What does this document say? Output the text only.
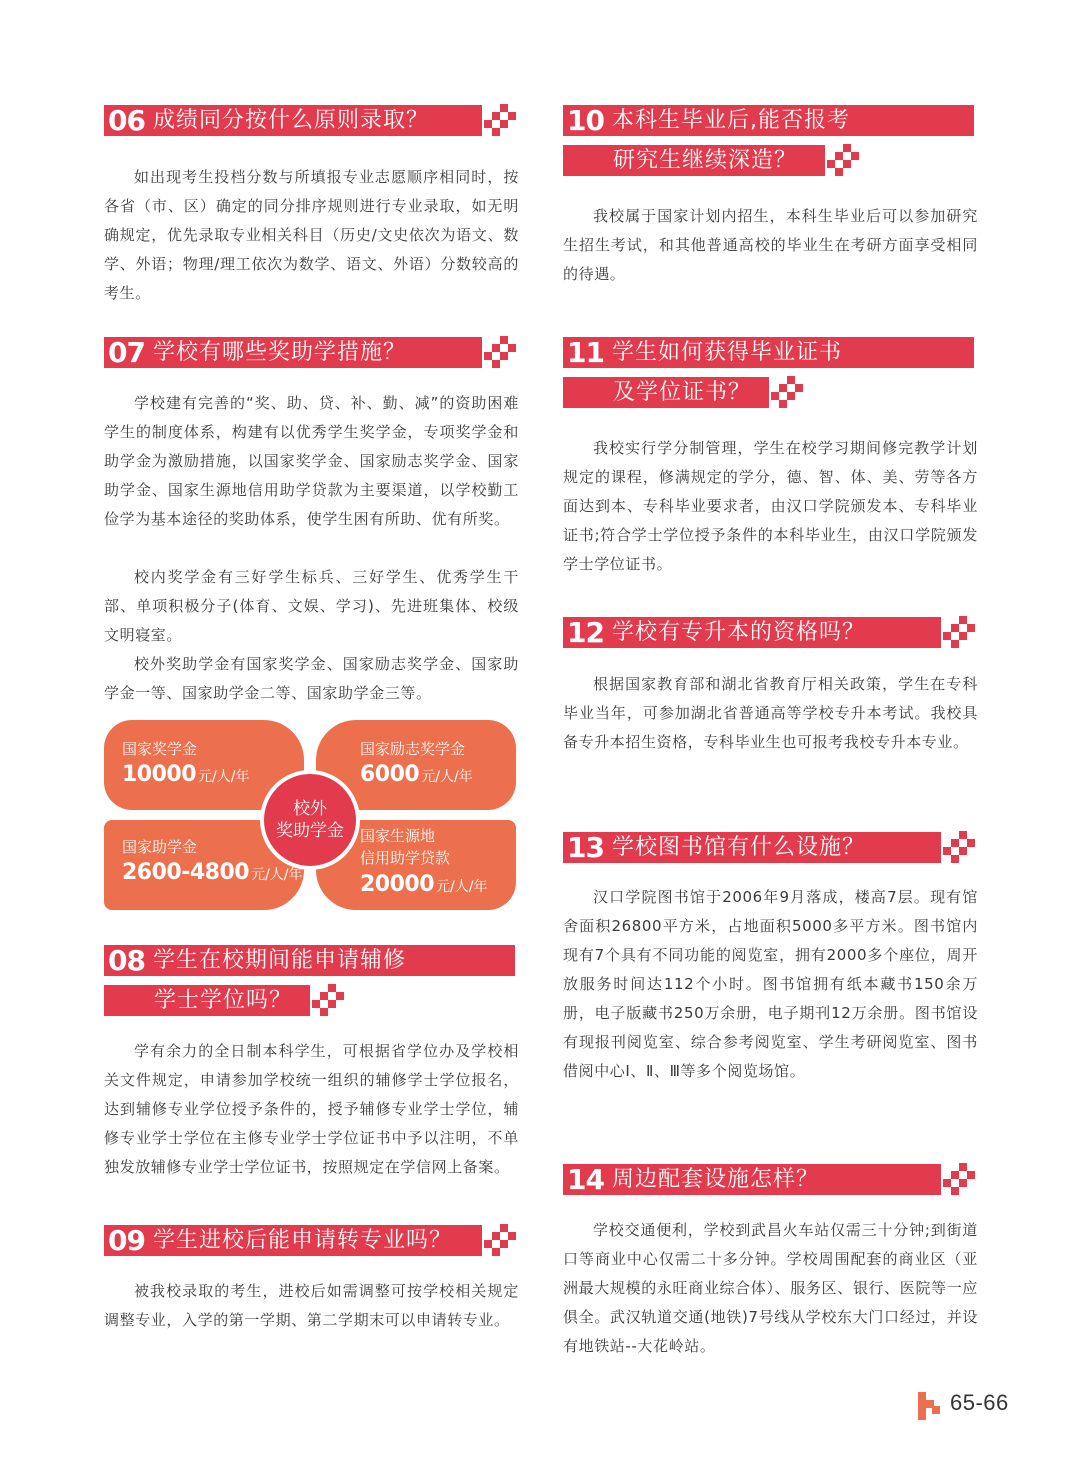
06 成绩同分按什么原则录取？

如出现考生投档分数与所填报专业志愿顺序相同时，按各省（市、区）确定的同分排序规则进行专业录取，如无明确规定，优先录取专业相关科目（历史/文史依次为语文、数学、外语；物理/理工依次为数学、语文、外语）分数较高的考生。

07 学校有哪些奖助学措施？

学校建有完善的“奖、助、贷、补、勤、减”的资助困难学生的制度体系，构建有以优秀学生奖学金，专项奖学金和助学金为激励措施，以国家奖学金、国家励志奖学金、国家助学金、国家生源地信用助学贷款为主要渠道，以学校勤工俭学为基本途径的奖助体系，使学生困有所助、优有所奖。

校内奖学金有三好学生标兵、三好学生、优秀学生干部、单项积极分子(体育、文娱、学习)、先进班集体、校级文明寝室。

校外奖助学金有国家奖学金、国家励志奖学金、国家助学金一等、国家助学金二等、国家助学金三等。

国家奖学金
10000 元/人/年
国家励志奖学金
6000 元/人/年
国家助学金
2600-4800 元/人/年
国家生源地
信用助学贷款
20000 元/人/年
校外
奖助学金
08 学生在校期间能申请辅修
学士学位吗？

学有余力的全日制本科学生，可根据省学位办及学校相关文件规定，申请参加学校统一组织的辅修学士学位报名，达到辅修专业学位授予条件的，授予辅修专业学士学位，辅修专业学士学位在主修专业学士学位证书中予以注明，不单独发放辅修专业学士学位证书，按照规定在学信网上备案。

09 学生进校后能申请转专业吗？

被我校录取的考生，进校后如需调整可按学校相关规定调整专业，入学的第一学期、第二学期末可以申请转专业。

10 本科生毕业后,能否报考
研究生继续深造？

我校属于国家计划内招生，本科生毕业后可以参加研究生招生考试，和其他普通高校的毕业生在考研方面享受相同的待遇。

11 学生如何获得毕业证书
及学位证书？

我校实行学分制管理，学生在校学习期间修完教学计划规定的课程，修满规定的学分，德、智、体、美、劳等各方面达到本、专科毕业要求者，由汉口学院颁发本、专科毕业证书;符合学士学位授予条件的本科毕业生，由汉口学院颁发学士学位证书。

12 学校有专升本的资格吗？

根据国家教育部和湖北省教育厅相关政策，学生在专科毕业当年，可参加湖北省普通高等学校专升本考试。我校具备专升本招生资格，专科毕业生也可报考我校专升本专业。

13 学校图书馆有什么设施？

汉口学院图书馆于2006年9月落成，楼高7层。现有馆舍面积26800平方米，占地面积5000多平方米。图书馆内现有7个具有不同功能的阅览室，拥有2000多个座位，周开放服务时间达112个小时。图书馆拥有纸本藏书150余万册，电子版藏书250万余册，电子期刊12万余册。图书馆设有现报刊阅览室、综合参考阅览室、学生考研阅览室、图书借阅中心Ⅰ、Ⅱ、Ⅲ等多个阅览场馆。

14 周边配套设施怎样？

学校交通便利，学校到武昌火车站仅需三十分钟;到街道口等商业中心仅需二十多分钟。学校周围配套的商业区（亚洲最大规模的永旺商业综合体）、服务区、银行、医院等一应俱全。武汉轨道交通(地铁)7号线从学校东大门口经过，并设有地铁站--大花岭站。

65-66
